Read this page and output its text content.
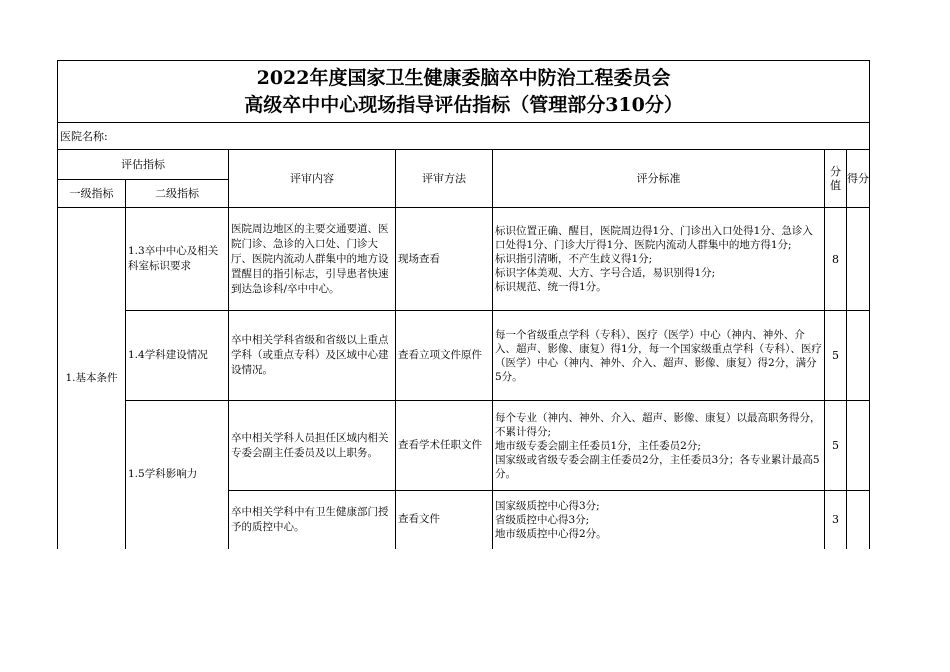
2022年度国家卫生健康委脑卒中防治工程委员会
高级卒中中心现场指导评估指标（管理部分310分）						

医院名称:						
评估指标		评审内容	评审方法	评分标准	分值	得分
一级指标	二级指标					
1.基本条件	1.3卒中中心及相关科室标识要求	医院周边地区的主要交通要道、医院门诊、急诊的入口处、门诊大厅、医院内流动人群集中的地方设置醒目的指引标志，引导患者快速到达急诊科/卒中中心。	现场查看	标识位置正确、醒目，医院周边得1分、门诊出入口处得1分、急诊入口处得1分、门诊大厅得1分、医院内流动人群集中的地方得1分;
标识指引清晰，不产生歧义得1分;
标识字体美观、大方、字号合适，易识别得1分;
标识规范、统一得1分。	8	
	1.4学科建设情况	卒中相关学科省级和省级以上重点学科（或重点专科）及区域中心建设情况。	查看立项文件原件	每一个省级重点学科（专科）、医疗（医学）中心（神内、神外、介入、超声、影像、康复）得1分，每一个国家级重点学科（专科）、医疗（医学）中心（神内、神外、介入、超声、影像、康复）得2分，满分5分。	5	
	1.5学科影响力	卒中相关学科人员担任区域内相关专委会副主任委员及以上职务。	查看学术任职文件	每个专业（神内、神外、介入、超声、影像、康复）以最高职务得分，不累计得分;
地市级专委会副主任委员1分，主任委员2分;
国家级或省级专委会副主任委员2分，主任委员3分；各专业累计最高5分。	5	
		卒中相关学科中有卫生健康部门授予的质控中心。	查看文件	国家级质控中心得3分;
省级质控中心得3分;
地市级质控中心得2分。	3	
